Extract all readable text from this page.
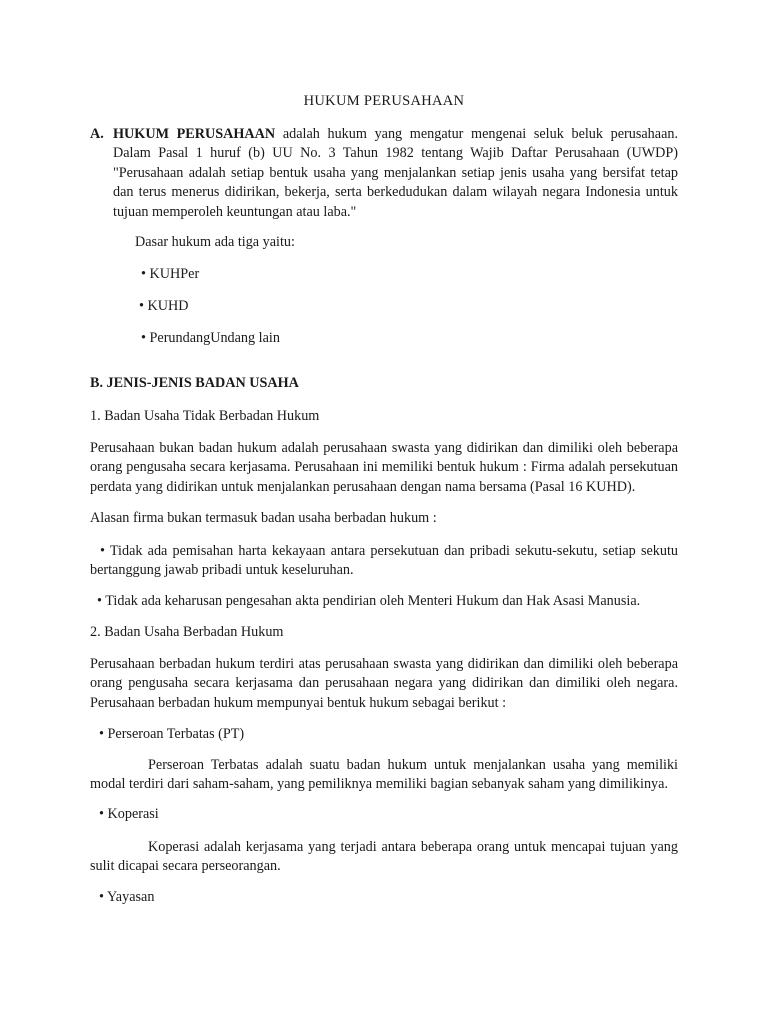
HUKUM PERUSAHAAN
A. HUKUM PERUSAHAAN adalah hukum yang mengatur mengenai seluk beluk perusahaan. Dalam Pasal 1 huruf (b) UU No. 3 Tahun 1982 tentang Wajib Daftar Perusahaan (UWDP) "Perusahaan adalah setiap bentuk usaha yang menjalankan setiap jenis usaha yang bersifat tetap dan terus menerus didirikan, bekerja, serta berkedudukan dalam wilayah negara Indonesia untuk tujuan memperoleh keuntungan atau laba."
Dasar hukum ada tiga yaitu:
• KUHPer
• KUHD
• PerundangUndang lain
B. JENIS-JENIS BADAN USAHA
1. Badan Usaha Tidak Berbadan Hukum
Perusahaan bukan badan hukum adalah perusahaan swasta yang didirikan dan dimiliki oleh beberapa orang pengusaha secara kerjasama. Perusahaan ini memiliki bentuk hukum : Firma adalah persekutuan perdata yang didirikan untuk menjalankan perusahaan dengan nama bersama (Pasal 16 KUHD).
Alasan firma bukan termasuk badan usaha berbadan hukum :
• Tidak ada pemisahan harta kekayaan antara persekutuan dan pribadi sekutu-sekutu, setiap sekutu bertanggung jawab pribadi untuk keseluruhan.
• Tidak ada keharusan pengesahan akta pendirian oleh Menteri Hukum dan Hak Asasi Manusia.
2. Badan Usaha Berbadan Hukum
Perusahaan berbadan hukum terdiri atas perusahaan swasta yang didirikan dan dimiliki oleh beberapa orang pengusaha secara kerjasama dan perusahaan negara yang didirikan dan dimiliki oleh negara. Perusahaan berbadan hukum mempunyai bentuk hukum sebagai berikut :
• Perseroan Terbatas (PT)
Perseroan Terbatas adalah suatu badan hukum untuk menjalankan usaha yang memiliki modal terdiri dari saham-saham, yang pemiliknya memiliki bagian sebanyak saham yang dimilikinya.
• Koperasi
Koperasi adalah kerjasama yang terjadi antara beberapa orang untuk mencapai tujuan yang sulit dicapai secara perseorangan.
• Yayasan
